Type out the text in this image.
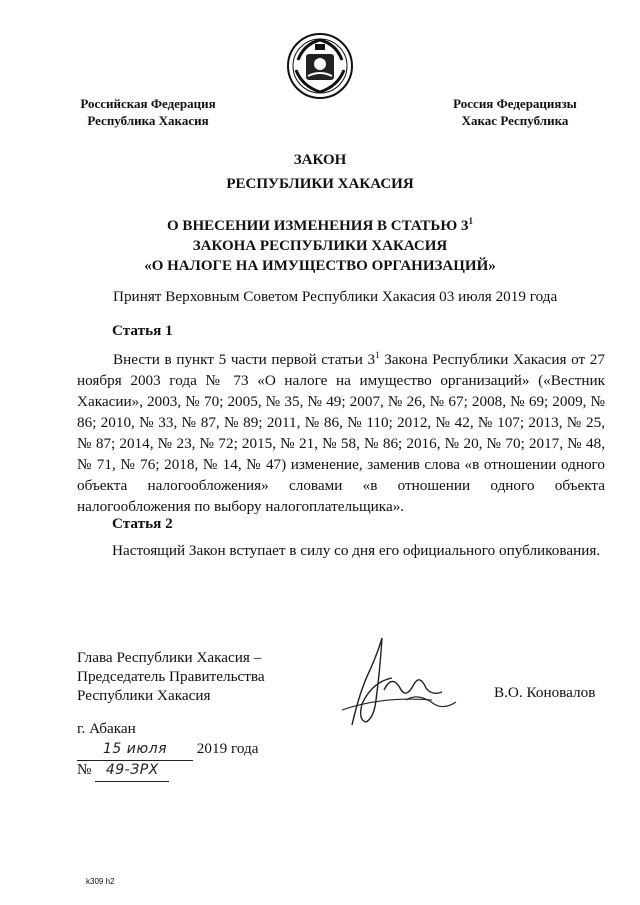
Российская Федерация
Республика Хакасия
Россия Федерациязы
Хакас Республика
ЗАКОН
РЕСПУБЛИКИ ХАКАСИЯ
О ВНЕСЕНИИ ИЗМЕНЕНИЯ В СТАТЬЮ $3^1$
ЗАКОНА РЕСПУБЛИКИ ХАКАСИЯ
«О НАЛОГЕ НА ИМУЩЕСТВО ОРГАНИЗАЦИЙ»
Принят Верховным Советом Республики Хакасия 03 июля 2019 года
Статья 1
Внести в пункт 5 части первой статьи $3^1$ Закона Республики Хакасия от 27 ноября 2003 года № 73 «О налоге на имущество организаций» («Вестник Хакасии», 2003, № 70; 2005, № 35, № 49; 2007, № 26, № 67; 2008, № 69; 2009, № 86; 2010, № 33, № 87, № 89; 2011, № 86, № 110; 2012, № 42, № 107; 2013, № 25, № 87; 2014, № 23, № 72; 2015, № 21, № 58, № 86; 2016, № 20, № 70; 2017, № 48, № 71, № 76; 2018, № 14, № 47) изменение, заменив слова «в отношении одного объекта налогообложения» словами «в отношении одного объекта налогообложения по выбору налогоплательщика».
Статья 2
Настоящий Закон вступает в силу со дня его официального опубликования.
Глава Республики Хакасия –
Председатель Правительства
Республики Хакасия	В.О. Коновалов
г. Абакан
15 июля 2019 года
№ 49-ЗРХ
k309 h2
